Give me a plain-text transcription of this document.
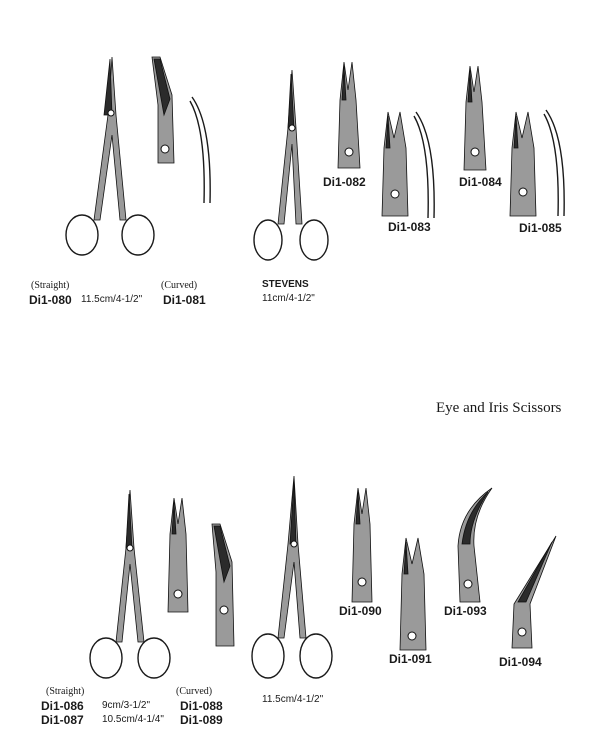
(Straight)
Di1-080 11.5cm/4-1/2"
(Curved)
Di1-081
STEVENS
11cm/4-1/2"
Di1-082
Di1-083
Di1-084
Di1-085
Eye and Iris Scissors
(Straight)
Di1-086
Di1-087
9cm/3-1/2"
10.5cm/4-1/4"
(Curved)
Di1-088
Di1-089
11.5cm/4-1/2"
Di1-090
Di1-091
Di1-093
Di1-094
